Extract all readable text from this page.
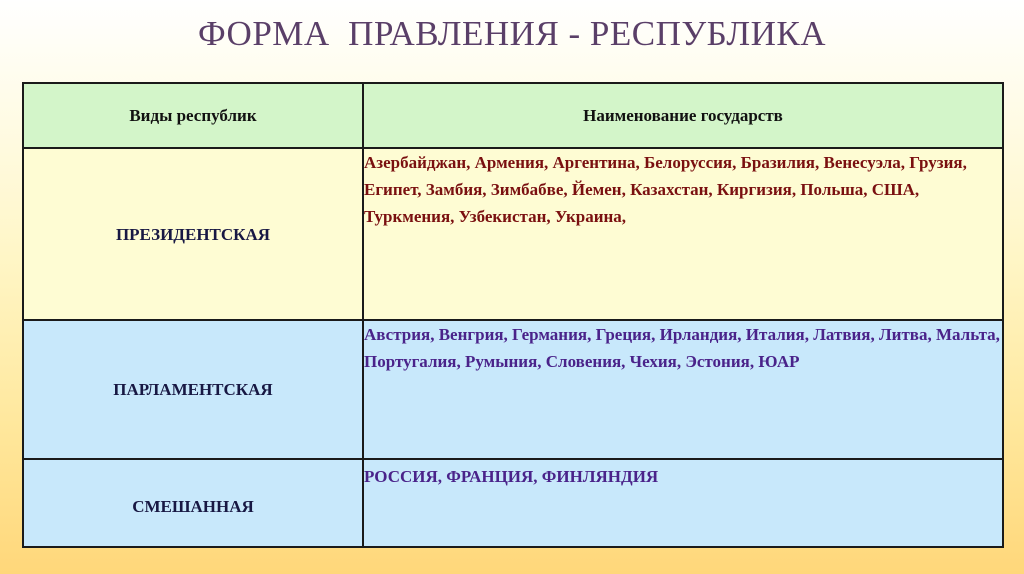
ФОРМА  ПРАВЛЕНИЯ - РЕСПУБЛИКА
Виды республик	Наименование государств
ПРЕЗИДЕНТСКАЯ	Азербайджан, Армения, Аргентина, Белоруссия, Бразилия, Венесуэла, Грузия, Египет, Замбия, Зимбабве, Йемен, Казахстан, Киргизия, Польша, США, Туркмения, Узбекистан, Украина,
ПАРЛАМЕНТСКАЯ	Австрия, Венгрия, Германия, Греция, Ирландия, Италия, Латвия, Литва, Мальта, Португалия, Румыния, Словения, Чехия, Эстония, ЮАР
СМЕШАННАЯ	РОССИЯ, ФРАНЦИЯ, ФИНЛЯНДИЯ
